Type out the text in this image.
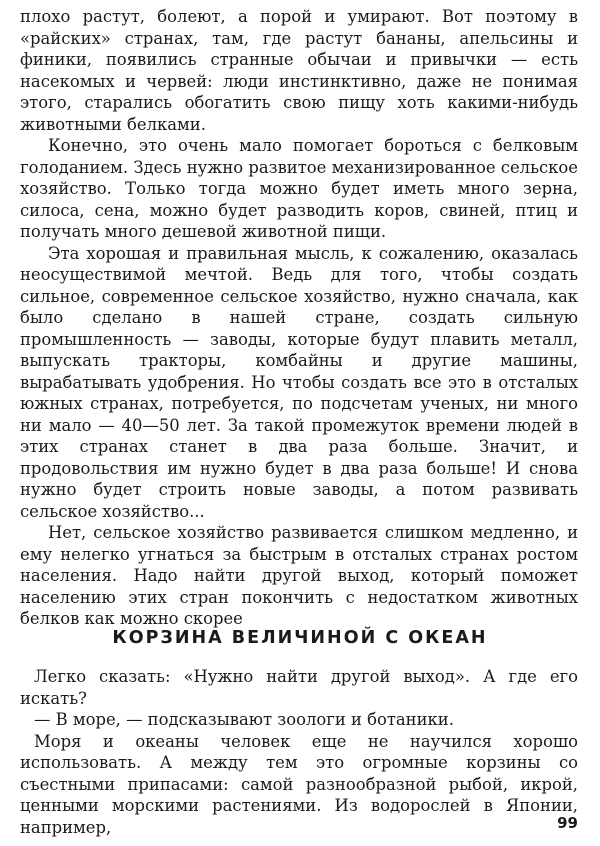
плохо растут, болеют, а порой и умирают. Вот поэтому в «райских» странах, там, где растут бананы, апельсины и финики, появились странные обычаи и привычки — есть насекомых и червей: люди инстинктивно, даже не понимая этого, старались обогатить свою пищу хоть какими-нибудь животными белками.

Конечно, это очень мало помогает бороться с белковым голоданием. Здесь нужно развитое механизированное сельское хозяйство. Только тогда можно будет иметь много зерна, силоса, сена, можно будет разводить коров, свиней, птиц и получать много дешевой животной пищи.

Эта хорошая и правильная мысль, к сожалению, оказалась неосуществимой мечтой. Ведь для того, чтобы создать сильное, современное сельское хозяйство, нужно сначала, как было сделано в нашей стране, создать сильную промышленность — заводы, которые будут плавить металл, выпускать тракторы, комбайны и другие машины, вырабатывать удобрения. Но чтобы создать все это в отсталых южных странах, потребуется, по подсчетам ученых, ни много ни мало — 40—50 лет. За такой промежуток времени людей в этих странах станет в два раза больше. Значит, и продовольствия им нужно будет в два раза больше! И снова нужно будет строить новые заводы, а потом развивать сельское хозяйство...

Нет, сельское хозяйство развивается слишком медленно, и ему нелегко угнаться за быстрым в отсталых странах ростом населения. Надо найти другой выход, который поможет населению этих стран покончить с недостатком животных белков как можно скорее

КОРЗИНА ВЕЛИЧИНОЙ С ОКЕАН

Легко сказать: «Нужно найти другой выход». А где его искать?

— В море, — подсказывают зоологи и ботаники.

Моря и океаны человек еще не научился хорошо использовать. А между тем это огромные корзины со съестными припасами: самой разнообразной рыбой, икрой, ценными морскими растениями. Из водорослей в Японии, например,	99
